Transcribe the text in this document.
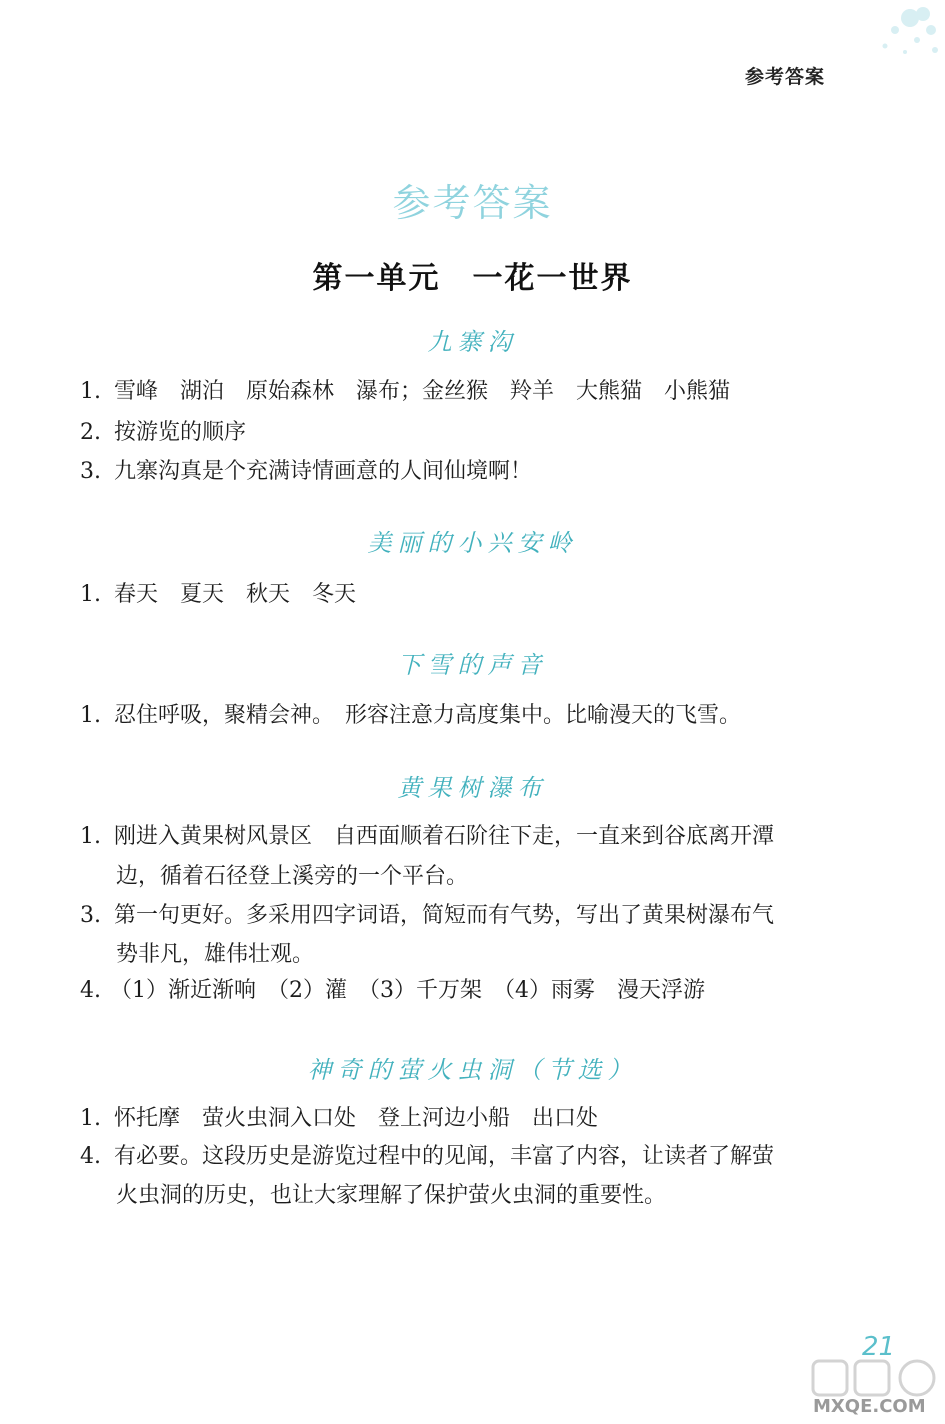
参考答案
参考答案
第一单元　一花一世界
九寨沟
1. 雪峰　湖泊　原始森林　瀑布；金丝猴　羚羊　大熊猫　小熊猫
2. 按游览的顺序
3. 九寨沟真是个充满诗情画意的人间仙境啊！
美丽的小兴安岭
1. 春天　夏天　秋天　冬天
下雪的声音
1. 忍住呼吸，聚精会神。　形容注意力高度集中。比喻漫天的飞雪。
黄果树瀑布
1. 刚进入黄果树风景区　自西面顺着石阶往下走，一直来到谷底离开潭
边，循着石径登上溪旁的一个平台。
3. 第一句更好。多采用四字词语，简短而有气势，写出了黄果树瀑布气
势非凡，雄伟壮观。
4. （1）渐近渐响　（2）灌　（3）千万架　（4）雨雾　漫天浮游
神奇的萤火虫洞（节选）
1. 怀托摩　萤火虫洞入口处　登上河边小船　出口处
4. 有必要。这段历史是游览过程中的见闻，丰富了内容，让读者了解萤
火虫洞的历史，也让大家理解了保护萤火虫洞的重要性。
21
MXQE.COM
